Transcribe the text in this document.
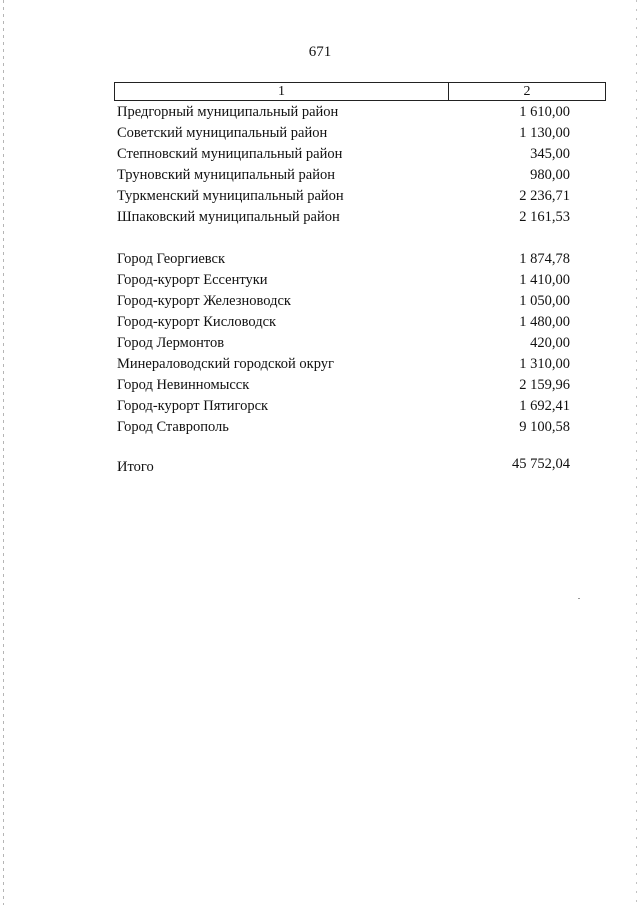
671
1	2
Предгорный муниципальный район	1 610,00
Советский муниципальный район	1 130,00
Степновский муниципальный район	345,00
Труновский муниципальный район	980,00
Туркменский муниципальный район	2 236,71
Шпаковский муниципальный район	2 161,53
Город Георгиевск	1 874,78
Город-курорт Ессентуки	1 410,00
Город-курорт Железноводск	1 050,00
Город-курорт Кисловодск	1 480,00
Город Лермонтов	420,00
Минераловодский городской округ	1 310,00
Город Невинномысск	2 159,96
Город-курорт Пятигорск	1 692,41
Город Ставрополь	9 100,58
Итого	45 752,04
